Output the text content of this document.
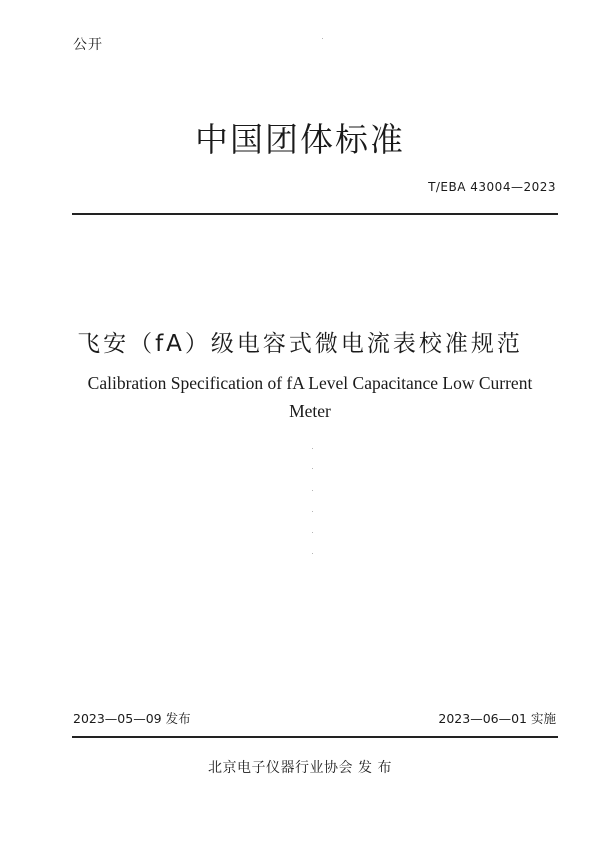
公开
中国团体标准
T/EBA 43004—2023
飞安（fA）级电容式微电流表校准规范
Calibration Specification of fA Level Capacitance Low Current Meter
2023—05—09 发布	2023—06—01 实施
北京电子仪器行业协会 发 布
